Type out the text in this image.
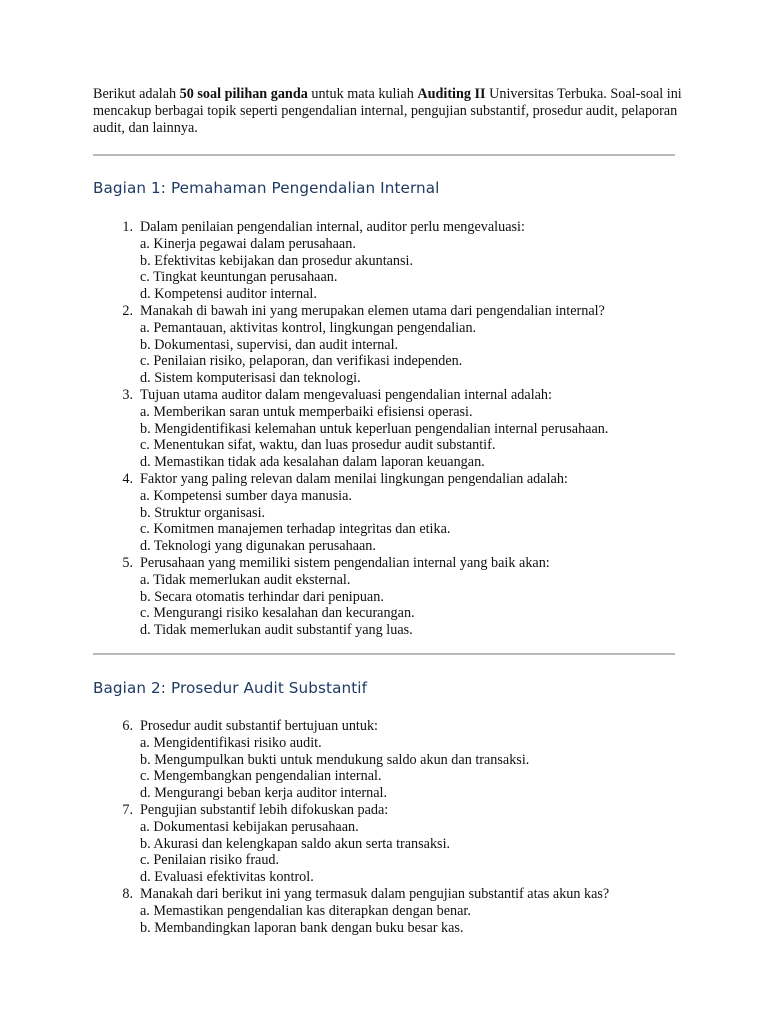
Berikut adalah 50 soal pilihan ganda untuk mata kuliah Auditing II Universitas Terbuka. Soal-soal ini mencakup berbagai topik seperti pengendalian internal, pengujian substantif, prosedur audit, pelaporan audit, dan lainnya.

Bagian 1: Pemahaman Pengendalian Internal
1. Dalam penilaian pengendalian internal, auditor perlu mengevaluasi:
a. Kinerja pegawai dalam perusahaan.
b. Efektivitas kebijakan dan prosedur akuntansi.
c. Tingkat keuntungan perusahaan.
d. Kompetensi auditor internal.
2. Manakah di bawah ini yang merupakan elemen utama dari pengendalian internal?
a. Pemantauan, aktivitas kontrol, lingkungan pengendalian.
b. Dokumentasi, supervisi, dan audit internal.
c. Penilaian risiko, pelaporan, dan verifikasi independen.
d. Sistem komputerisasi dan teknologi.
3. Tujuan utama auditor dalam mengevaluasi pengendalian internal adalah:
a. Memberikan saran untuk memperbaiki efisiensi operasi.
b. Mengidentifikasi kelemahan untuk keperluan pengendalian internal perusahaan.
c. Menentukan sifat, waktu, dan luas prosedur audit substantif.
d. Memastikan tidak ada kesalahan dalam laporan keuangan.
4. Faktor yang paling relevan dalam menilai lingkungan pengendalian adalah:
a. Kompetensi sumber daya manusia.
b. Struktur organisasi.
c. Komitmen manajemen terhadap integritas dan etika.
d. Teknologi yang digunakan perusahaan.
5. Perusahaan yang memiliki sistem pengendalian internal yang baik akan:
a. Tidak memerlukan audit eksternal.
b. Secara otomatis terhindar dari penipuan.
c. Mengurangi risiko kesalahan dan kecurangan.
d. Tidak memerlukan audit substantif yang luas.
Bagian 2: Prosedur Audit Substantif
6. Prosedur audit substantif bertujuan untuk:
a. Mengidentifikasi risiko audit.
b. Mengumpulkan bukti untuk mendukung saldo akun dan transaksi.
c. Mengembangkan pengendalian internal.
d. Mengurangi beban kerja auditor internal.
7. Pengujian substantif lebih difokuskan pada:
a. Dokumentasi kebijakan perusahaan.
b. Akurasi dan kelengkapan saldo akun serta transaksi.
c. Penilaian risiko fraud.
d. Evaluasi efektivitas kontrol.
8. Manakah dari berikut ini yang termasuk dalam pengujian substantif atas akun kas?
a. Memastikan pengendalian kas diterapkan dengan benar.
b. Membandingkan laporan bank dengan buku besar kas.
